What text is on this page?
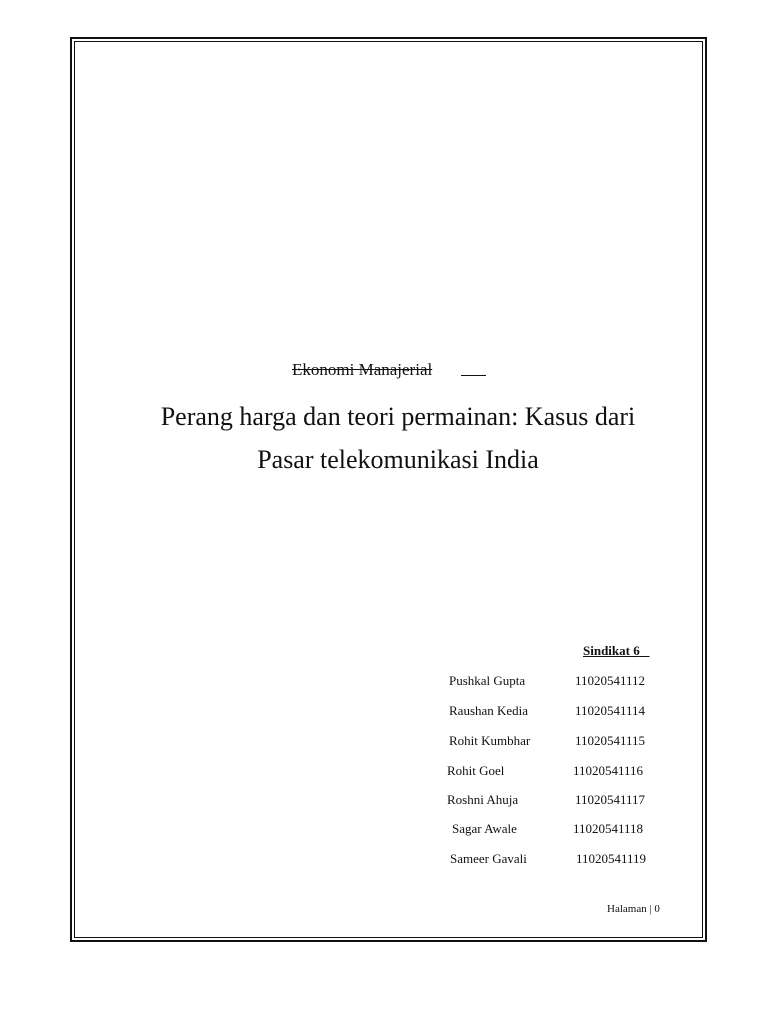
Ekonomi Manajerial
Perang harga dan teori permainan: Kasus dari
Pasar telekomunikasi India
Sindikat 6
Pushkal Gupta	11020541112
Raushan Kedia	11020541114
Rohit Kumbhar	11020541115
Rohit Goel	11020541116
Roshni Ahuja	11020541117
Sagar Awale	11020541118
Sameer Gavali	11020541119
Halaman | 0
